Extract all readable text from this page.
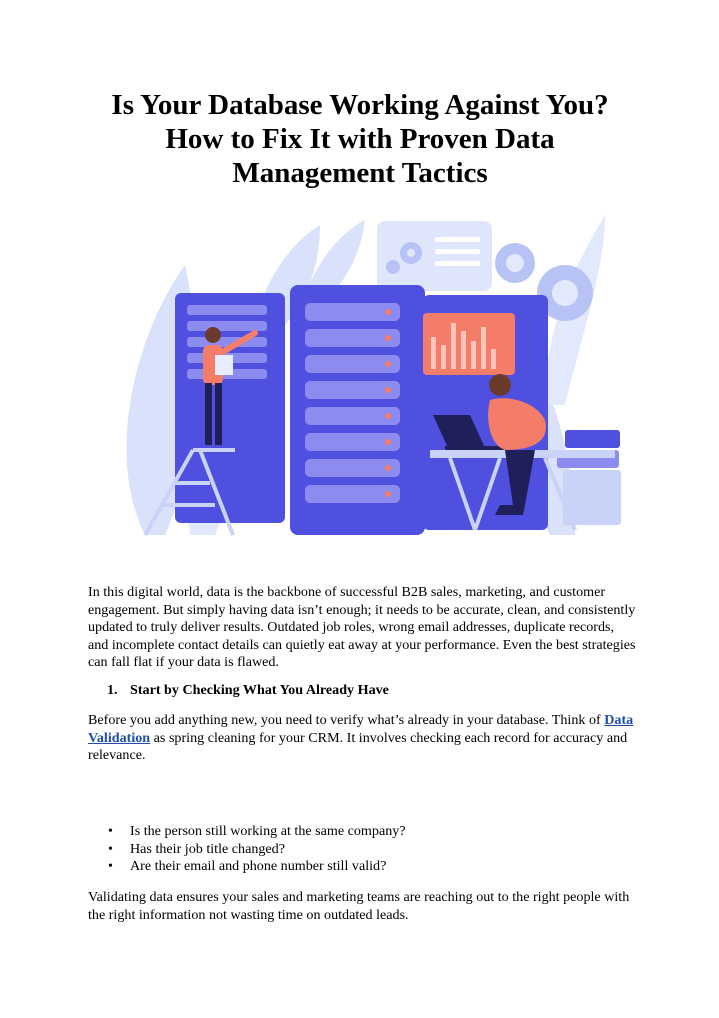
Is Your Database Working Against You?
How to Fix It with Proven Data
Management Tactics

In this digital world, data is the backbone of successful B2B sales, marketing, and customer engagement. But simply having data isn’t enough; it needs to be accurate, clean, and consistently updated to truly deliver results. Outdated job roles, wrong email addresses, duplicate records, and incomplete contact details can quietly eat away at your performance. Even the best strategies can fall flat if your data is flawed.

1. Start by Checking What You Already Have

Before you add anything new, you need to verify what’s already in your database. Think of Data Validation as spring cleaning for your CRM. It involves checking each record for accuracy and relevance.

• Is the person still working at the same company?
• Has their job title changed?
• Are their email and phone number still valid?

Validating data ensures your sales and marketing teams are reaching out to the right people with the right information not wasting time on outdated leads.
